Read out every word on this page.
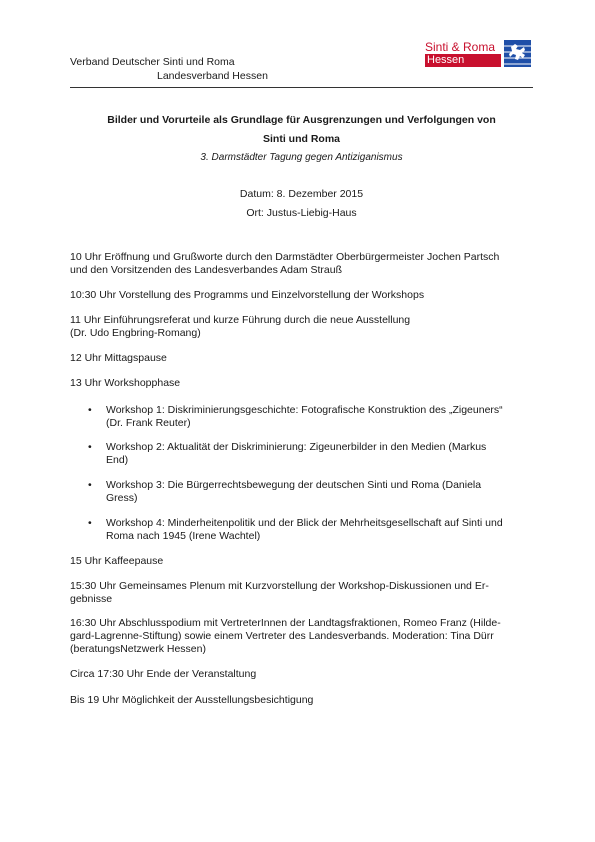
Verband Deutscher Sinti und Roma
Landesverband Hessen
Sinti & Roma
Hessen
Bilder und Vorurteile als Grundlage für Ausgrenzungen und Verfolgungen von
Sinti und Roma
3. Darmstädter Tagung gegen Antiziganismus
Datum: 8. Dezember 2015
Ort: Justus-Liebig-Haus
10 Uhr Eröffnung und Grußworte durch den Darmstädter Oberbürgermeister Jochen Partsch
und den Vorsitzenden des Landesverbandes Adam Strauß
10:30 Uhr Vorstellung des Programms und Einzelvorstellung der Workshops
11 Uhr Einführungsreferat und kurze Führung durch die neue Ausstellung
(Dr. Udo Engbring-Romang)
12 Uhr Mittagspause
13 Uhr Workshopphase
• Workshop 1: Diskriminierungsgeschichte: Fotografische Konstruktion des „Zigeuners“
(Dr. Frank Reuter)
• Workshop 2: Aktualität der Diskriminierung: Zigeunerbilder in den Medien (Markus
End)
• Workshop 3: Die Bürgerrechtsbewegung der deutschen Sinti und Roma (Daniela
Gress)
• Workshop 4: Minderheitenpolitik und der Blick der Mehrheitsgesellschaft auf Sinti und
Roma nach 1945 (Irene Wachtel)
15 Uhr Kaffeepause
15:30 Uhr Gemeinsames Plenum mit Kurzvorstellung der Workshop-Diskussionen und Er-
gebnisse
16:30 Uhr Abschlusspodium mit VertreterInnen der Landtagsfraktionen, Romeo Franz (Hilde-
gard-Lagrenne-Stiftung) sowie einem Vertreter des Landesverbands. Moderation: Tina Dürr
(beratungsNetzwerk Hessen)
Circa 17:30 Uhr Ende der Veranstaltung
Bis 19 Uhr Möglichkeit der Ausstellungsbesichtigung
